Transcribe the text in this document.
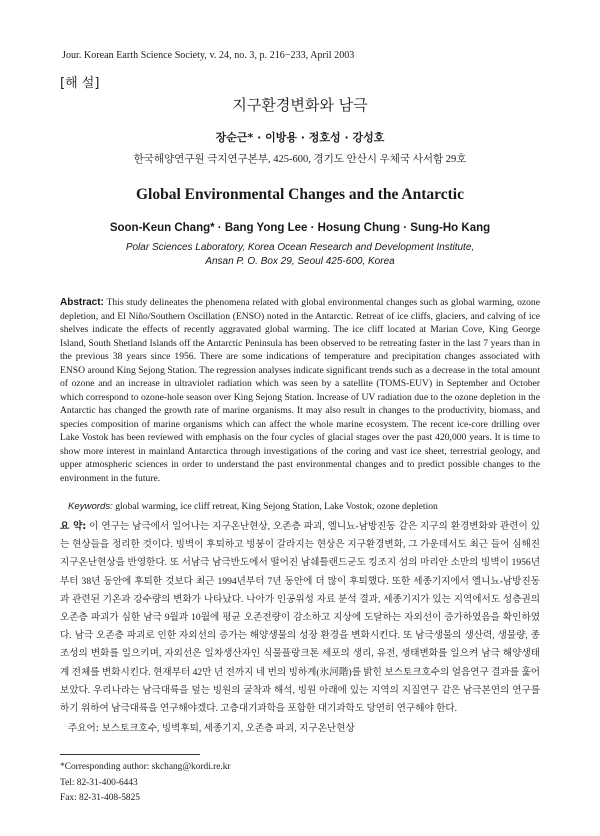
Jour. Korean Earth Science Society, v. 24, no. 3, p. 216−233, April 2003
[해 설]
지구환경변화와 남극
장순근* · 이방용 · 정호성 · 강성호
한국해양연구원 극지연구본부, 425-600, 경기도 안산시 우체국 사서함 29호
Global Environmental Changes and the Antarctic
Soon-Keun Chang* · Bang Yong Lee · Hosung Chung · Sung-Ho Kang
Polar Sciences Laboratory, Korea Ocean Research and Development Institute,
Ansan P. O. Box 29, Seoul 425-600, Korea
Abstract: This study delineates the phenomena related with global environmental changes such as global warming, ozone depletion, and El Niño/Southern Oscillation (ENSO) noted in the Antarctic. Retreat of ice cliffs, glaciers, and calving of ice shelves indicate the effects of recently aggravated global warming. The ice cliff located at Marian Cove, King George Island, South Shetland Islands off the Antarctic Peninsula has been observed to be retreating faster in the last 7 years than in the previous 38 years since 1956. There are some indications of temperature and precipitation changes associated with ENSO around King Sejong Station. The regression analyses indicate significant trends such as a decrease in the total amount of ozone and an increase in ultraviolet radiation which was seen by a satellite (TOMS-EUV) in September and October which correspond to ozone-hole season over King Sejong Station. Increase of UV radiation due to the ozone depletion in the Antarctic has changed the growth rate of marine organisms. It may also result in changes to the productivity, biomass, and species composition of marine organisms which can affect the whole marine ecosystem. The recent ice-core drilling over Lake Vostok has been reviewed with emphasis on the four cycles of glacial stages over the past 420,000 years. It is time to show more interest in mainland Antarctica through investigations of the coring and vast ice sheet, terrestrial geology, and upper atmospheric sciences in order to understand the past environmental changes and to predict possible changes to the environment in the future.
Keywords: global warming, ice cliff retreat, King Sejong Station, Lake Vostok, ozone depletion
요 약: 이 연구는 남극에서 일어나는 지구온난현상, 오존층 파괴, 엘니뇨-남방진동 같은 지구의 환경변화와 관련이 있는 현상들을 정리한 것이다. 빙벽이 후퇴하고 빙붕이 갈라지는 현상은 지구환경변화, 그 가운데서도 최근 들어 심해진 지구온난현상을 반영한다. 또 서남극 남극반도에서 떨어진 남쉐틀랜드군도 킹조지 섬의 마리안 소만의 빙벽이 1956년부터 38년 동안에 후퇴한 것보다 최근 1994년부터 7년 동안에 더 많이 후퇴했다. 또한 세종기지에서 엘니뇨-남방진동과 관련된 기온과 강수량의 변화가 나타났다. 나아가 인공위성 자료 분석 결과, 세종기지가 있는 지역에서도 성층권의 오존층 파괴가 심한 남극 9월과 10월에 평균 오존전량이 감소하고 지상에 도달하는 자외선이 증가하였음을 확인하였다. 남극 오존층 파괴로 인한 자외선의 증가는 해양생물의 성장 환경을 변화시킨다. 또 남극생물의 생산력, 생물량, 종 조성의 변화를 일으키며, 자외선은 일차생산자인 식물플랑크톤 세포의 생리, 유전, 생태변화를 일으켜 남극 해양생태계 전체를 변화시킨다. 현재부터 42만 년 전까지 네 번의 빙하계(氷河階)를 밝힌 보스토크호수의 얼음연구 결과를 훑어보았다. 우리나라는 남극대륙을 덮는 빙원의 굴착과 해석, 빙원 아래에 있는 지역의 지질연구 같은 남극본연의 연구를 하기 위하여 남극대륙을 연구해야겠다. 고층대기과학을 포함한 대기과학도 당연히 연구해야 한다.
주요어: 보스토크호수, 빙벽후퇴, 세종기지, 오존층 파괴, 지구온난현상
*Corresponding author: skchang@kordi.re.kr
Tel: 82-31-400-6443
Fax: 82-31-408-5825
